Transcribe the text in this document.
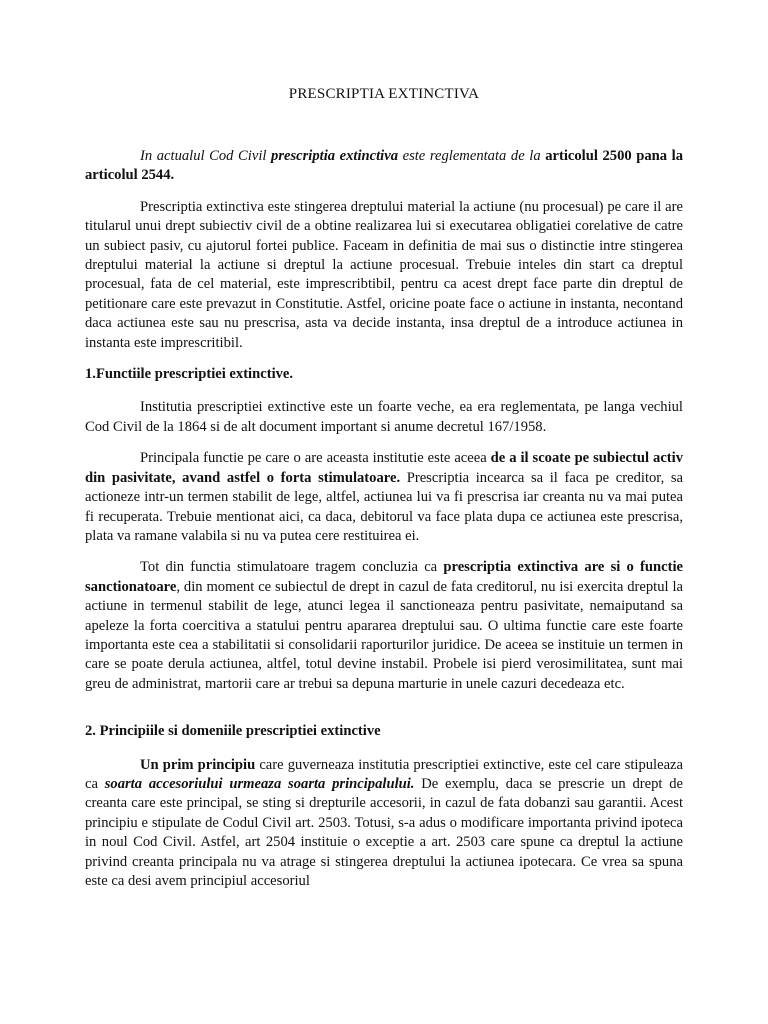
PRESCRIPTIA EXTINCTIVA

In actualul Cod Civil prescriptia extinctiva este reglementata de la articolul 2500 pana la articolul 2544.

Prescriptia extinctiva este stingerea dreptului material la actiune (nu procesual) pe care il are titularul unui drept subiectiv civil de a obtine realizarea lui si executarea obligatiei corelative de catre un subiect pasiv, cu ajutorul fortei publice. Faceam in definitia de mai sus o distinctie intre stingerea dreptului material la actiune si dreptul la actiune procesual. Trebuie inteles din start ca dreptul procesual, fata de cel material, este imprescribtibil, pentru ca acest drept face parte din dreptul de petitionare care este prevazut in Constitutie. Astfel, oricine poate face o actiune in instanta, necontand daca actiunea este sau nu prescrisa, asta va decide instanta, insa dreptul de a introduce actiunea in instanta este imprescritibil.

1.Functiile prescriptiei extinctive.

Institutia prescriptiei extinctive este un foarte veche, ea era reglementata, pe langa vechiul Cod Civil de la 1864 si de alt document important si anume decretul 167/1958.

Principala functie pe care o are aceasta institutie este aceea de a il scoate pe subiectul activ din pasivitate, avand astfel o forta stimulatoare. Prescriptia incearca sa il faca pe creditor, sa actioneze intr-un termen stabilit de lege, altfel, actiunea lui va fi prescrisa iar creanta nu va mai putea fi recuperata. Trebuie mentionat aici, ca daca, debitorul va face plata dupa ce actiunea este prescrisa, plata va ramane valabila si nu va putea cere restituirea ei.

Tot din functia stimulatoare tragem concluzia ca prescriptia extinctiva are si o functie sanctionatoare, din moment ce subiectul de drept in cazul de fata creditorul, nu isi exercita dreptul la actiune in termenul stabilit de lege, atunci legea il sanctioneaza pentru pasivitate, nemaiputand sa apeleze la forta coercitiva a statului pentru apararea dreptului sau. O ultima functie care este foarte importanta este cea a stabilitatii si consolidarii raporturilor juridice. De aceea se instituie un termen in care se poate derula actiunea, altfel, totul devine instabil. Probele isi pierd verosimilitatea, sunt mai greu de administrat, martorii care ar trebui sa depuna marturie in unele cazuri decedeaza etc.

2. Principiile si domeniile prescriptiei extinctive

Un prim principiu care guverneaza institutia prescriptiei extinctive, este cel care stipuleaza ca soarta accesoriului urmeaza soarta principalului. De exemplu, daca se prescrie un drept de creanta care este principal, se sting si drepturile accesorii, in cazul de fata dobanzi sau garantii. Acest principiu e stipulate de Codul Civil art. 2503. Totusi, s-a adus o modificare importanta privind ipoteca in noul Cod Civil. Astfel, art 2504 instituie o exceptie a art. 2503 care spune ca dreptul la actiune privind creanta principala nu va atrage si stingerea dreptului la actiunea ipotecara. Ce vrea sa spuna este ca desi avem principiul accesoriul
